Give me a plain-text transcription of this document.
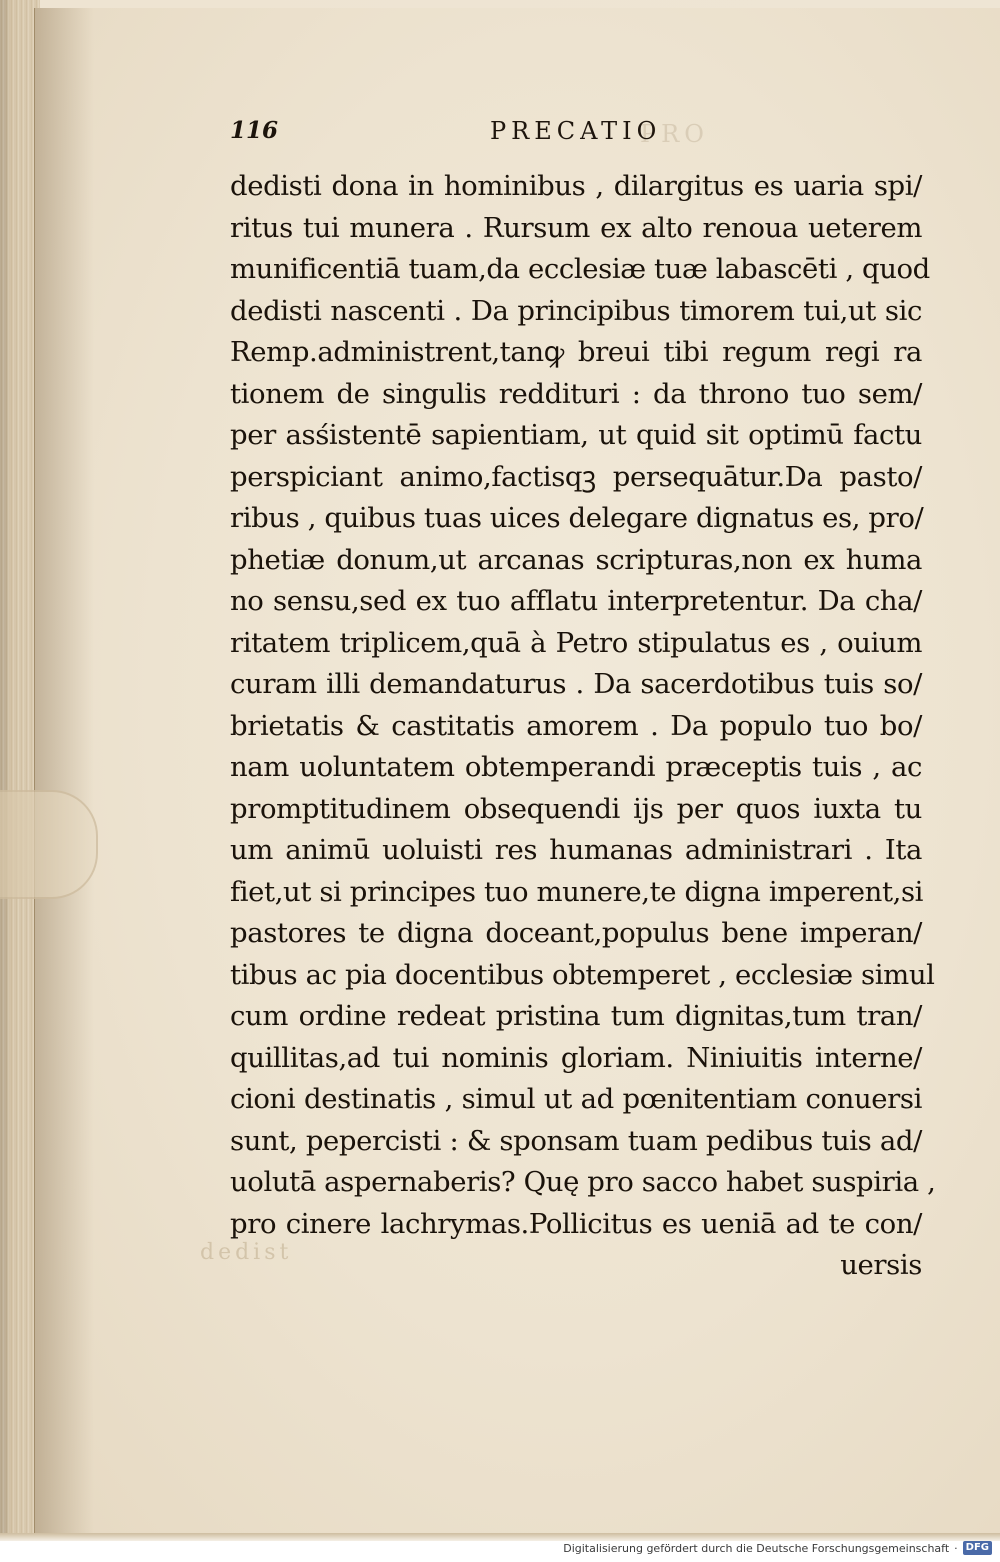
PRO
116	PRECATIO
dedisti dona in hominibus , dilargitus es uaria spi/
ritus tui munera . Rursum ex alto renoua ueterem
munificentiā tuam,da ecclesiæ tuæ labascēti , quod
dedisti nascenti . Da principibus timorem tui,ut sic
Remp.administrent,tanꝙ breui tibi regum regi ra
tionem de singulis reddituri : da throno tuo sem/
per asśistentē sapientiam, ut quid sit optimū factu
perspiciant animo,factisqꝫ persequātur.Da pasto/
ribus , quibus tuas uices delegare dignatus es, pro/
phetiæ donum,ut arcanas scripturas,non ex huma
no sensu,sed ex tuo afflatu interpretentur. Da cha/
ritatem triplicem,quā à Petro stipulatus es , ouium
curam illi demandaturus . Da sacerdotibus tuis so/
brietatis & castitatis amorem . Da populo tuo bo/
nam uoluntatem obtemperandi præceptis tuis , ac
promptitudinem obsequendi ijs per quos iuxta tu
um animū uoluisti res humanas administrari . Ita
fiet,ut si principes tuo munere,te digna imperent,si
pastores te digna doceant,populus bene imperan/
tibus ac pia docentibus obtemperet , ecclesiæ simul
cum ordine redeat pristina tum dignitas,tum tran/
quillitas,ad tui nominis gloriam. Niniuitis interne/
cioni destinatis , simul ut ad pœnitentiam conuersi
sunt, pepercisti : & sponsam tuam pedibus tuis ad/
uolutā aspernaberis? Quę pro sacco habet suspiria ,
pro cinere lachrymas.Pollicitus es ueniā ad te con/
uersis
dedist
Digitalisierung gefördert durch die Deutsche Forschungsgemeinschaft · DFG
